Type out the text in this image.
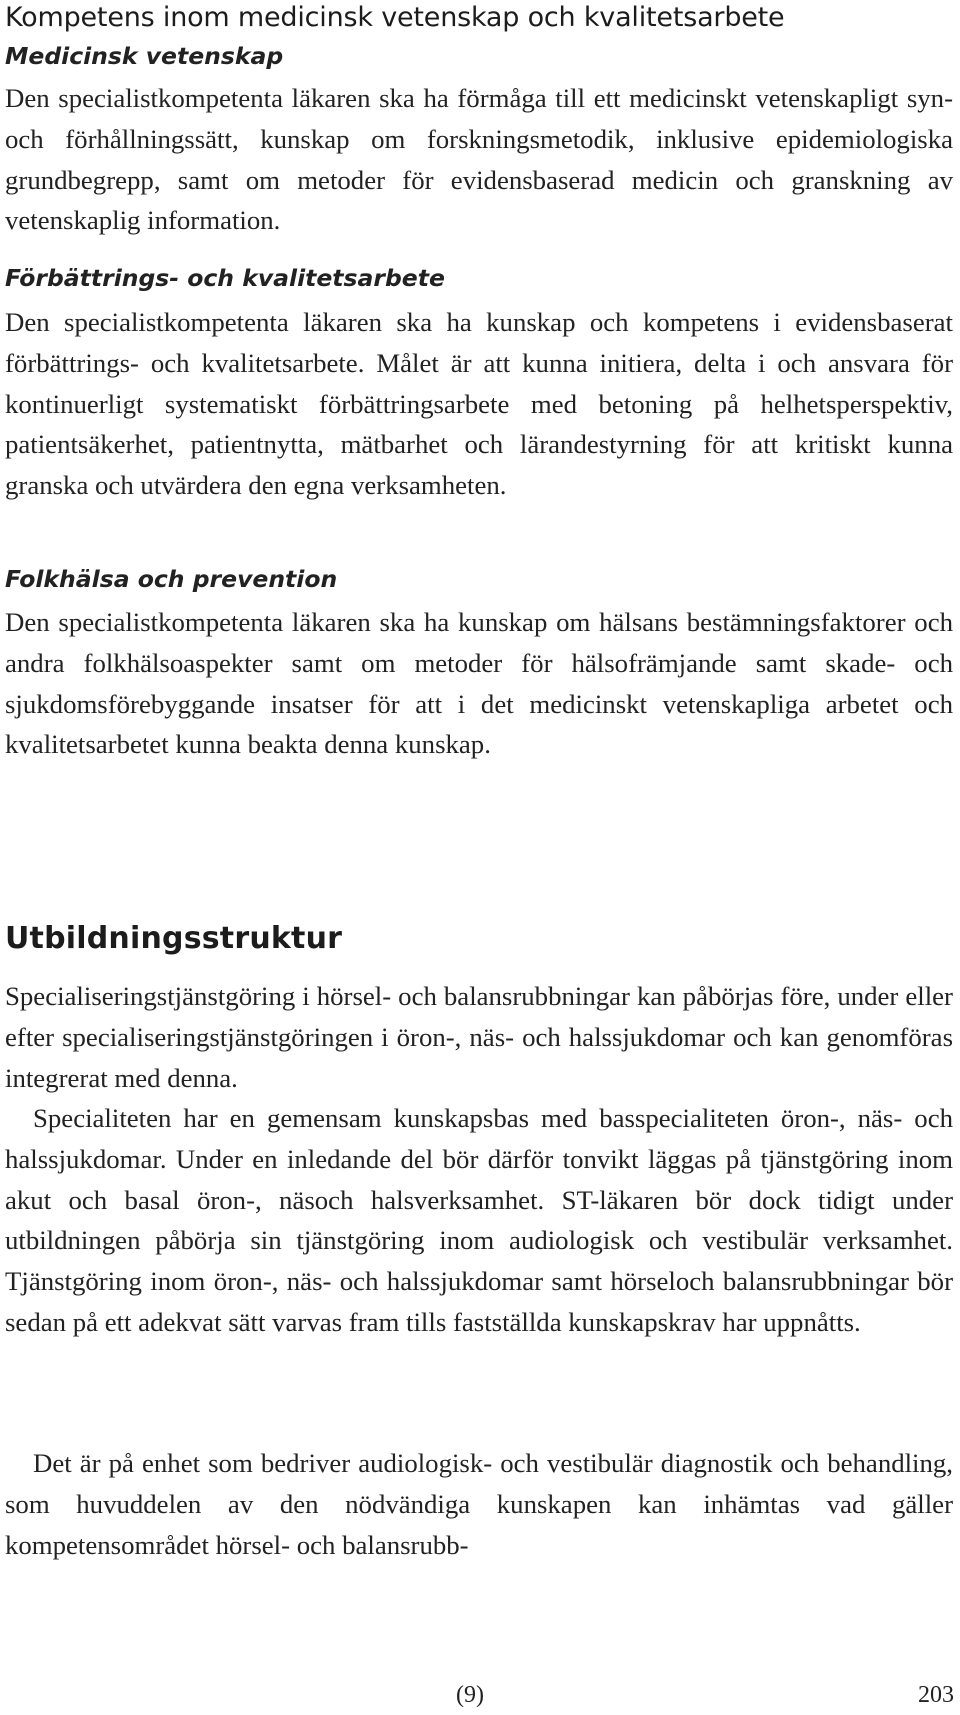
Kompetens inom medicinsk vetenskap och kvalitetsarbete
Medicinsk vetenskap

Den specialistkompetenta läkaren ska ha förmåga till ett medicinskt vetenskapligt syn- och förhållningssätt, kunskap om forskningsmetodik, inklusive epidemiologiska grundbegrepp, samt om metoder för evidensbaserad medicin och granskning av vetenskaplig information.

Förbättrings- och kvalitetsarbete

Den specialistkompetenta läkaren ska ha kunskap och kompetens i evidensbaserat förbättrings- och kvalitetsarbete. Målet är att kunna initiera, delta i och ansvara för kontinuerligt systematiskt förbättringsarbete med betoning på helhetsperspektiv, patientsäkerhet, patientnytta, mätbarhet och lärandestyrning för att kritiskt kunna granska och utvärdera den egna verksamheten.

Folkhälsa och prevention

Den specialistkompetenta läkaren ska ha kunskap om hälsans bestämningsfaktorer och andra folkhälsoaspekter samt om metoder för hälsofrämjande samt skade- och sjukdomsförebyggande insatser för att i det medicinskt vetenskapliga arbetet och kvalitetsarbetet kunna beakta denna kunskap.

Utbildningsstruktur

Specialiseringstjänstgöring i hörsel- och balansrubbningar kan påbörjas före, under eller efter specialiseringstjänstgöringen i öron-, näs- och halssjukdomar och kan genomföras integrerat med denna.

Specialiteten har en gemensam kunskapsbas med basspecialiteten öron-, näs- och halssjukdomar. Under en inledande del bör därför tonvikt läggas på tjänstgöring inom akut och basal öron-, näsoch halsverksamhet. ST-läkaren bör dock tidigt under utbildningen påbörja sin tjänstgöring inom audiologisk och vestibulär verksamhet. Tjänstgöring inom öron-, näs- och halssjukdomar samt hörseloch balansrubbningar bör sedan på ett adekvat sätt varvas fram tills fastställda kunskapskrav har uppnåtts.

Det är på enhet som bedriver audiologisk- och vestibulär diagnostik och behandling, som huvuddelen av den nödvändiga kunskapen kan inhämtas vad gäller kompetensområdet hörsel- och balansrubb-

(9)	203
